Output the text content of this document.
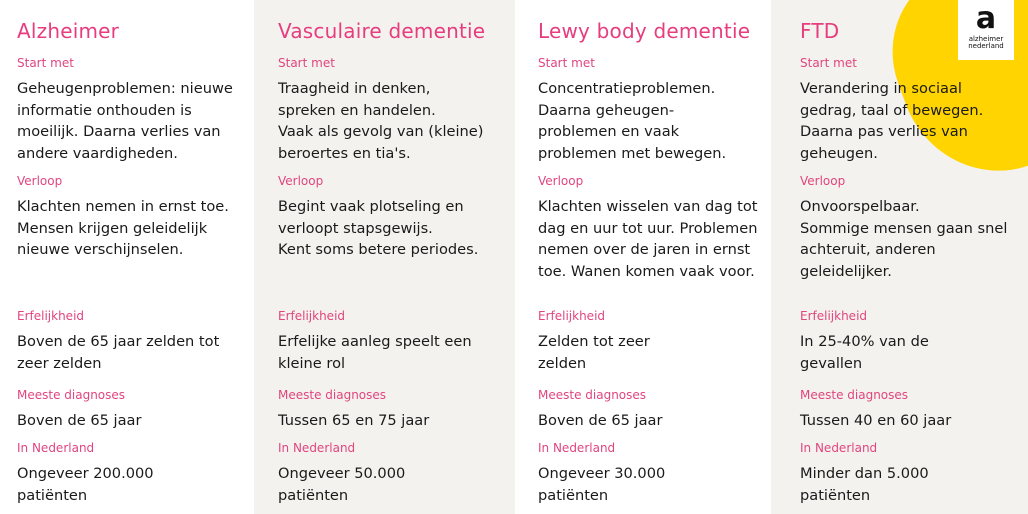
Alzheimer

Start met

Geheugenproblemen: nieuwe
informatie onthouden is
moeilijk. Daarna verlies van
andere vaardigheden.

Verloop

Klachten nemen in ernst toe.
Mensen krijgen geleidelijk
nieuwe verschijnselen.

Erfelijkheid

Boven de 65 jaar zelden tot
zeer zelden

Meeste diagnoses

Boven de 65 jaar

In Nederland

Ongeveer 200.000
patiënten

Vasculaire dementie

Start met

Traagheid in denken,
spreken en handelen.
Vaak als gevolg van (kleine)
beroertes en tia's.

Verloop

Begint vaak plotseling en
verloopt stapsgewijs.
Kent soms betere periodes.

Erfelijkheid

Erfelijke aanleg speelt een
kleine rol

Meeste diagnoses

Tussen 65 en 75 jaar

In Nederland

Ongeveer 50.000
patiënten

Lewy body dementie

Start met

Concentratieproblemen.
Daarna geheugen-
problemen en vaak
problemen met bewegen.

Verloop

Klachten wisselen van dag tot
dag en uur tot uur. Problemen
nemen over de jaren in ernst
toe. Wanen komen vaak voor.

Erfelijkheid

Zelden tot zeer
zelden

Meeste diagnoses

Boven de 65 jaar

In Nederland

Ongeveer 30.000
patiënten

a
alzheimer
nederland
FTD

Start met

Verandering in sociaal
gedrag, taal of bewegen.
Daarna pas verlies van
geheugen.

Verloop

Onvoorspelbaar.
Sommige mensen gaan snel
achteruit, anderen
geleidelijker.

Erfelijkheid

In 25-40% van de
gevallen

Meeste diagnoses

Tussen 40 en 60 jaar

In Nederland

Minder dan 5.000
patiënten
